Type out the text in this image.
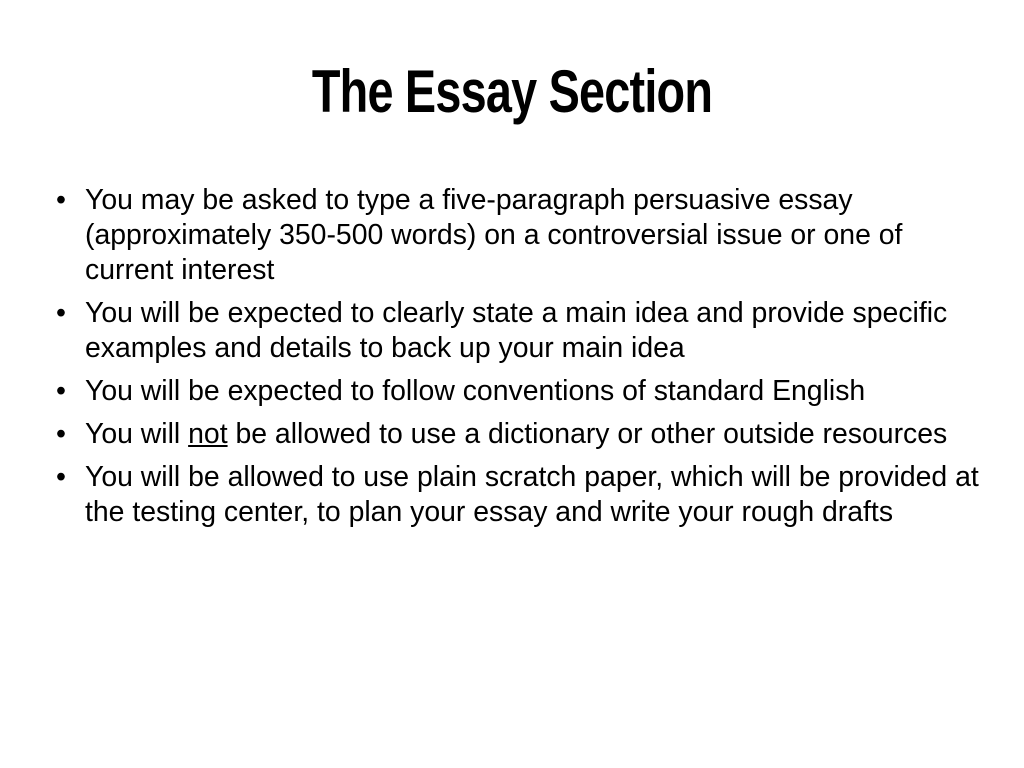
The Essay Section
• You may be asked to type a five-paragraph persuasive essay (approximately 350-500 words) on a controversial issue or one of current interest
• You will be expected to clearly state a main idea and provide specific examples and details to back up your main idea
• You will be expected to follow conventions of standard English
• You will not be allowed to use a dictionary or other outside resources
• You will be allowed to use plain scratch paper, which will be provided at the testing center, to plan your essay and write your rough drafts
